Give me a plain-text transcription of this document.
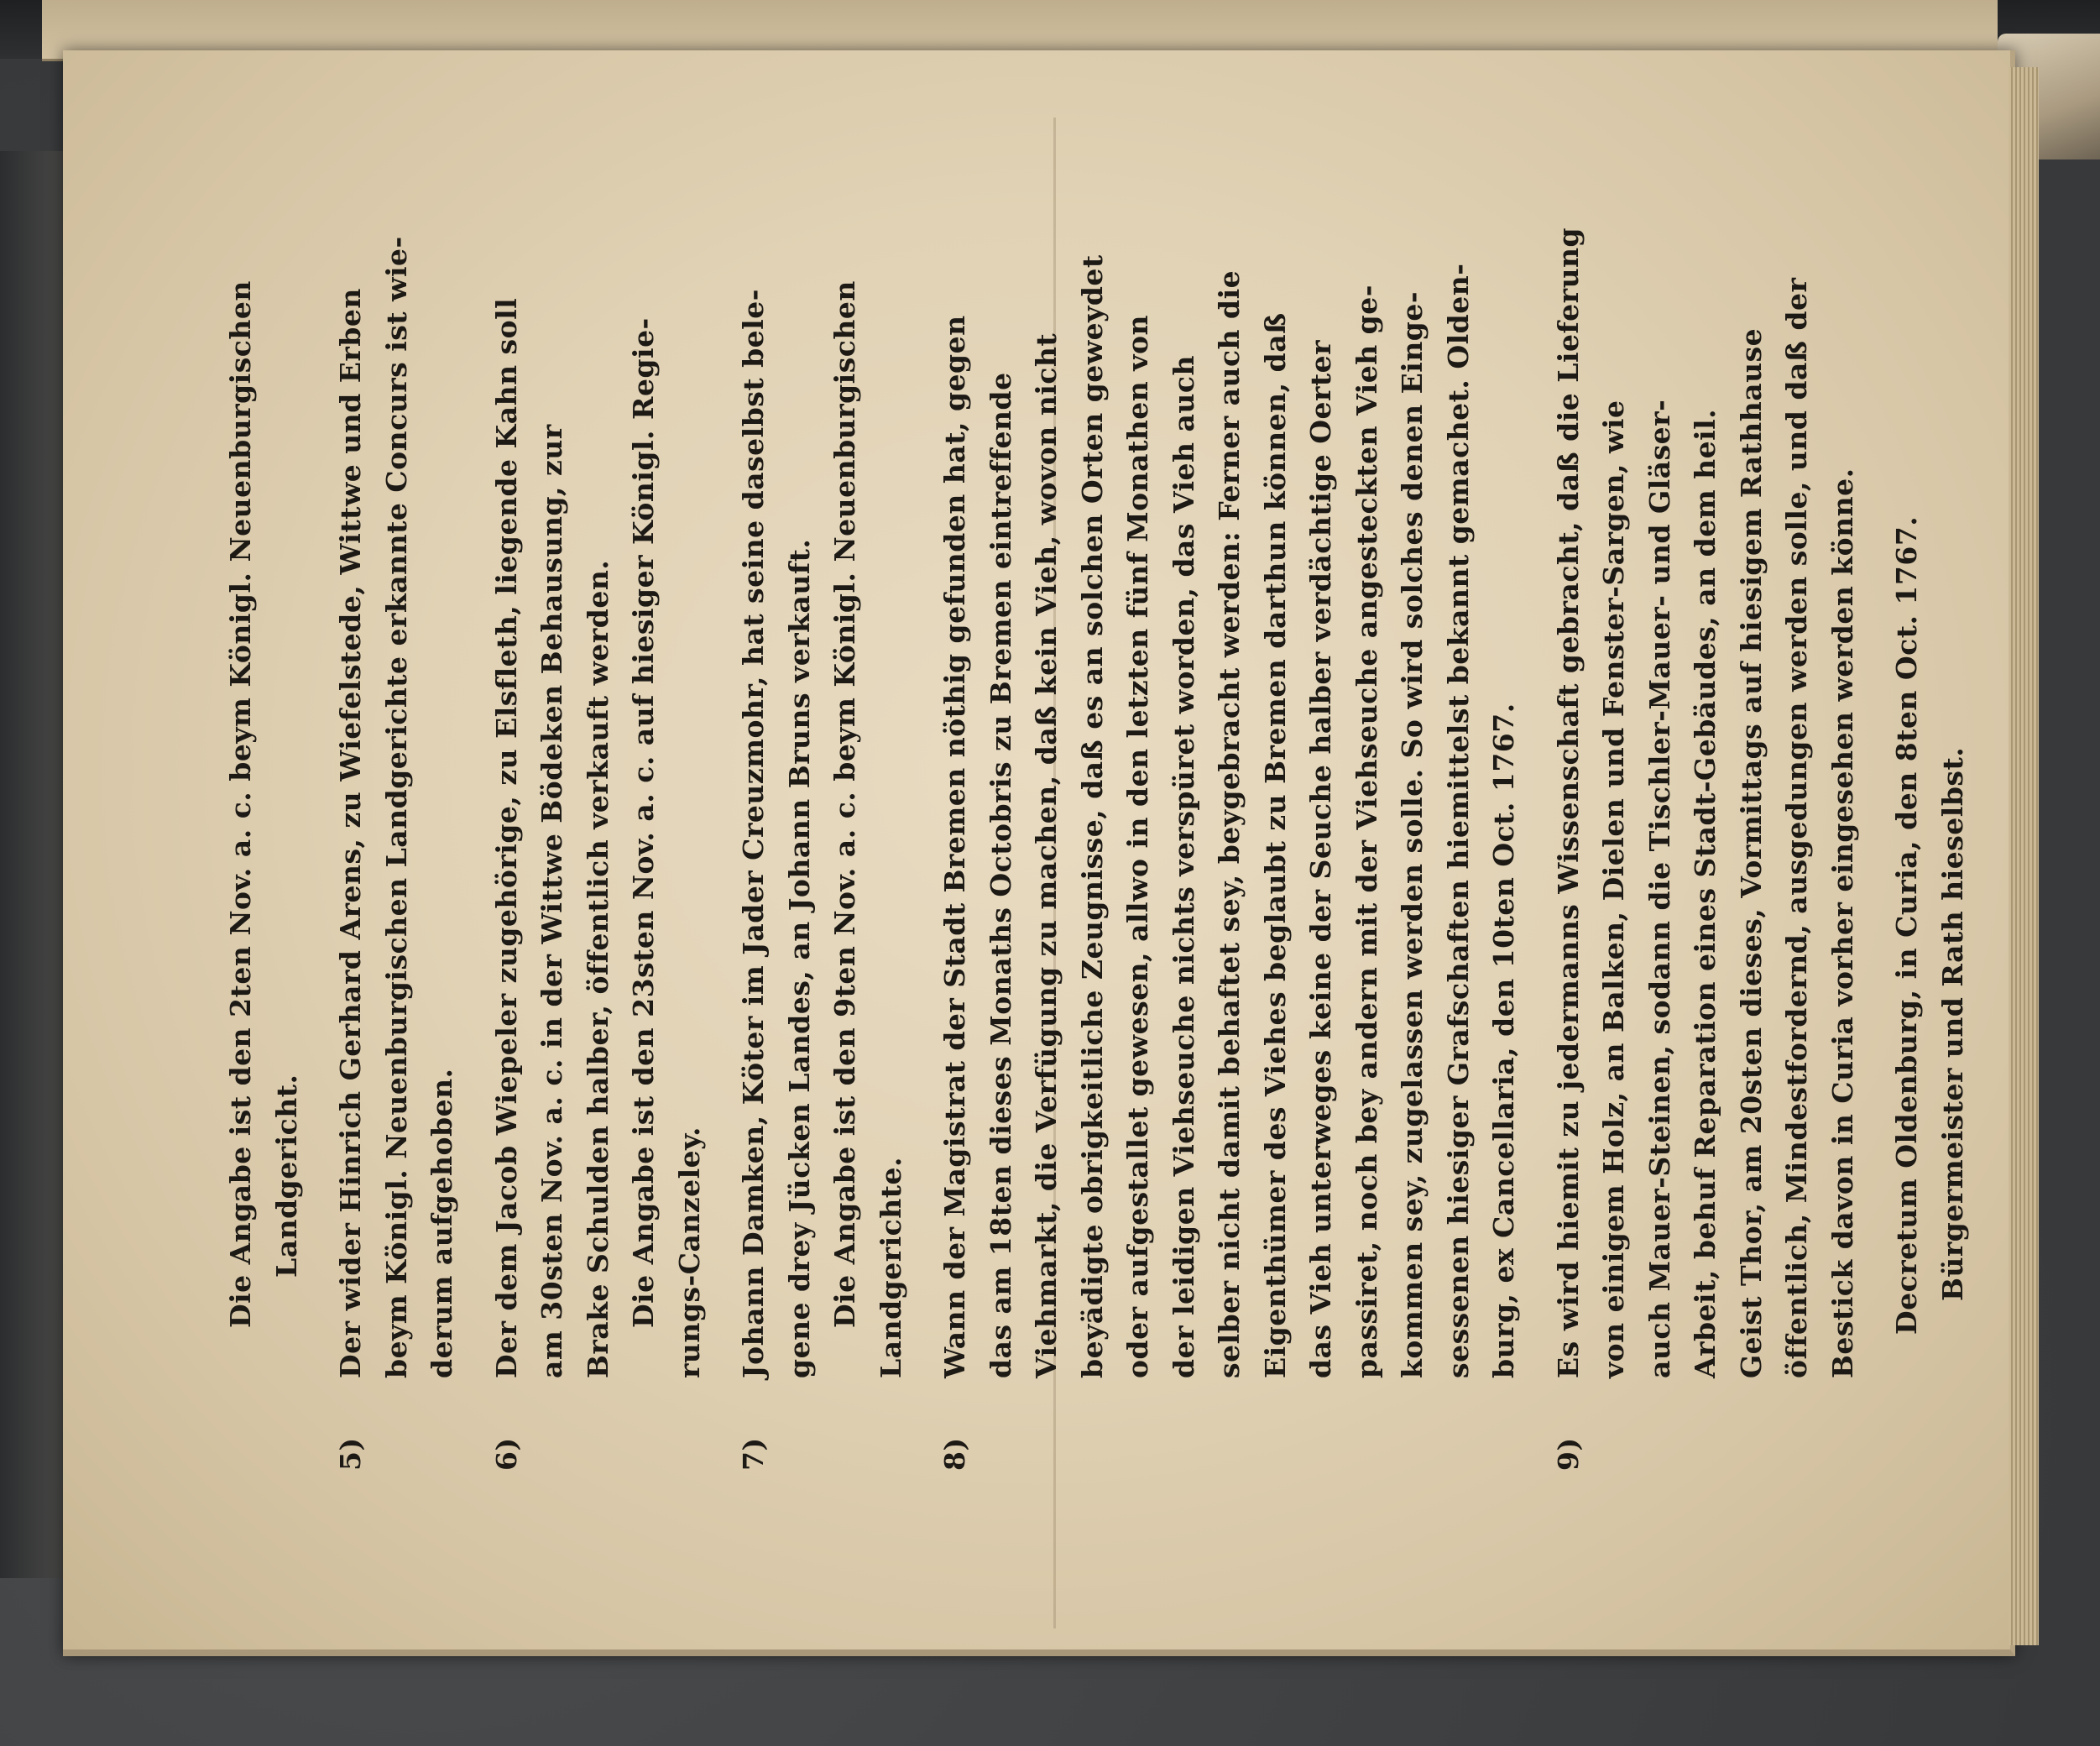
Die Angabe ist den 2ten Nov. a. c. beym Königl. Neuenburgischen Landgericht.
5)
Der wider Hinrich Gerhard Arens, zu Wiefelstede, Wittwe und Erben beym Königl. Neuenburgischen Landgerichte erkannte Concurs ist wie- derum aufgehoben.
6)
Der dem Jacob Wiepeler zugehörige, zu Elsfleth, liegende Kahn soll am 30sten Nov. a. c. in der Wittwe Bödeken Behausung, zur Brake Schulden halber, öffentlich verkauft werden. Die Angabe ist den 23sten Nov. a. c. auf hiesiger Königl. Regie- rungs-Canzeley.
7)
Johann Damken, Köter im Jader Creuzmohr, hat seine daselbst bele- gene drey Jücken Landes, an Johann Bruns verkauft. Die Angabe ist den 9ten Nov. a. c. beym Königl. Neuenburgischen Landgerichte.
8)
Wann der Magistrat der Stadt Bremen nöthig gefunden hat, gegen das am 18ten dieses Monaths Octobris zu Bremen eintreffende Viehmarkt, die Verfügung zu machen, daß kein Vieh, wovon nicht beyädigte obrigkeitliche Zeugnisse, daß es an solchen Orten geweydet oder aufgestallet gewesen, allwo in den letzten fünf Monathen von der leidigen Viehseuche nichts verspüret worden, das Vieh auch selber nicht damit behaftet sey, beygebracht werden: Ferner auch die Eigenthümer des Viehes beglaubt zu Bremen darthun können, daß das Vieh unterweges keine der Seuche halber verdächtige Oerter passiret, noch bey andern mit der Viehseuche angesteckten Vieh ge- kommen sey, zugelassen werden solle. So wird solches denen Einge- sessenen hiesiger Grafschaften hiemittelst bekannt gemachet. Olden- burg, ex Cancellaria, den 10ten Oct. 1767.
9)
Es wird hiemit zu jedermanns Wissenschaft gebracht, daß die Lieferung von einigem Holz, an Balken, Dielen und Fenster-Sargen, wie auch Mauer-Steinen, sodann die Tischler-Mauer- und Gläser- Arbeit, behuf Reparation eines Stadt-Gebäudes, an dem heil. Geist Thor, am 20sten dieses, Vormittags auf hiesigem Rathhause öffentlich, Mindestfordernd, ausgedungen werden solle, und daß der Bestick davon in Curia vorher eingesehen werden könne. Decretum Oldenburg, in Curia, den 8ten Oct. 1767. Bürgermeister und Rath hieselbst.
